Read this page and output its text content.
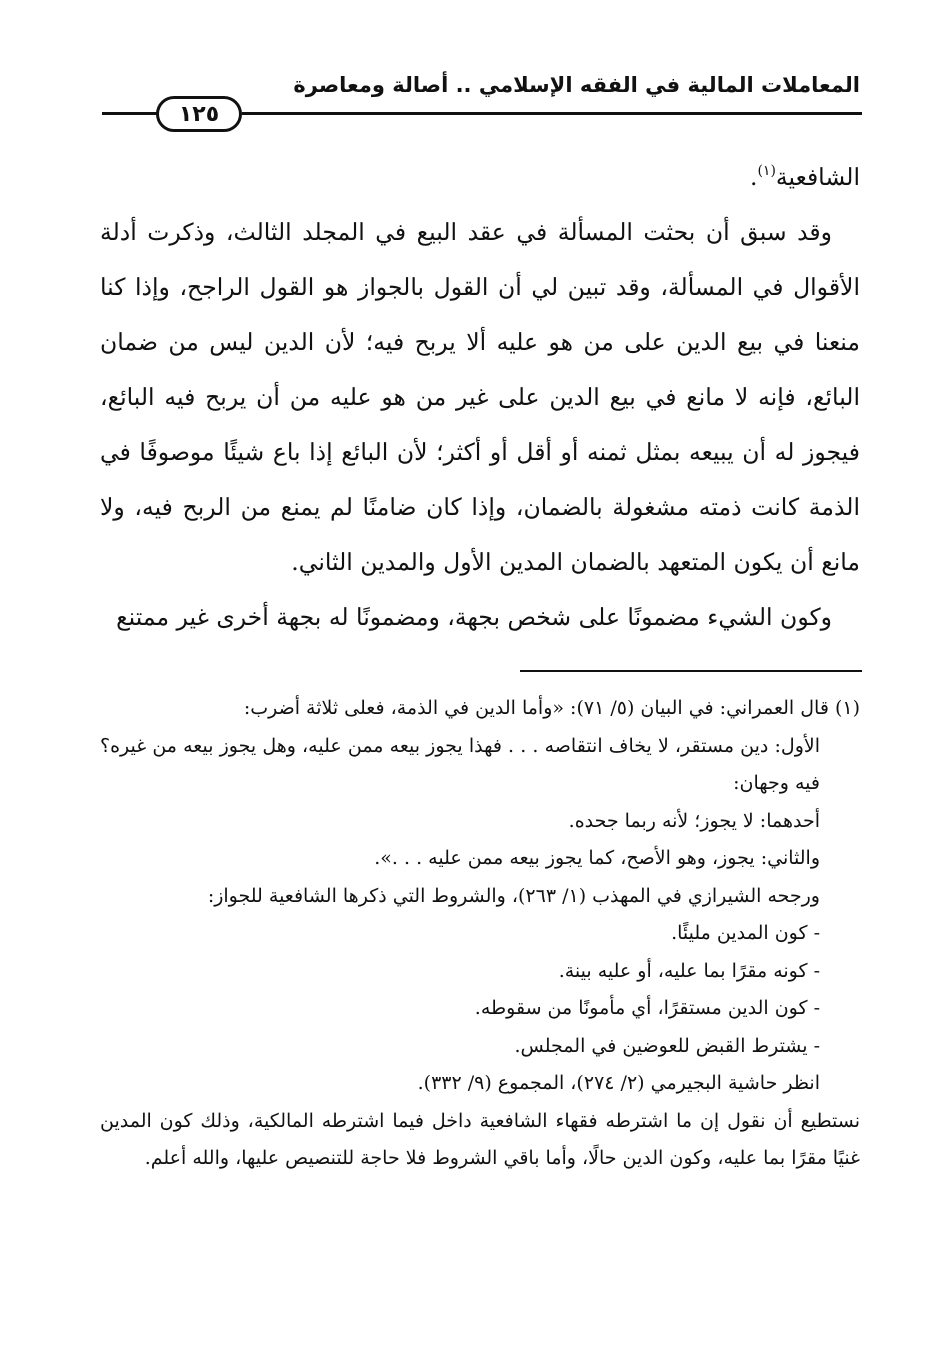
المعاملات المالية في الفقه الإسلامي .. أصالة ومعاصرة
١٢٥

الشافعية$^{(١)}$.

وقد سبق أن بحثت المسألة في عقد البيع في المجلد الثالث، وذكرت أدلة الأقوال في المسألة، وقد تبين لي أن القول بالجواز هو القول الراجح، وإذا كنا منعنا في بيع الدين على من هو عليه ألا يربح فيه؛ لأن الدين ليس من ضمان البائع، فإنه لا مانع في بيع الدين على غير من هو عليه من أن يربح فيه البائع، فيجوز له أن يبيعه بمثل ثمنه أو أقل أو أكثر؛ لأن البائع إذا باع شيئًا موصوفًا في الذمة كانت ذمته مشغولة بالضمان، وإذا كان ضامنًا لم يمنع من الربح فيه، ولا مانع أن يكون المتعهد بالضمان المدين الأول والمدين الثاني.

وكون الشيء مضمونًا على شخص بجهة، ومضمونًا له بجهة أخرى غير ممتنع

(١) قال العمراني: في البيان (٥/ ٧١): «وأما الدين في الذمة، فعلى ثلاثة أضرب:

الأول: دين مستقر، لا يخاف انتقاصه . . . فهذا يجوز بيعه ممن عليه، وهل يجوز بيعه من غيره؟ فيه وجهان:

أحدهما: لا يجوز؛ لأنه ربما جحده.

والثاني: يجوز، وهو الأصح، كما يجوز بيعه ممن عليه . . .».

ورجحه الشيرازي في المهذب (١/ ٢٦٣)، والشروط التي ذكرها الشافعية للجواز:

- كون المدين مليئًا.

- كونه مقرًا بما عليه، أو عليه بينة.

- كون الدين مستقرًا، أي مأمونًا من سقوطه.

- يشترط القبض للعوضين في المجلس.

انظر حاشية البجيرمي (٢/ ٢٧٤)، المجموع (٩/ ٣٣٢).

نستطيع أن نقول إن ما اشترطه فقهاء الشافعية داخل فيما اشترطه المالكية، وذلك كون المدين غنيًا مقرًا بما عليه، وكون الدين حالًا، وأما باقي الشروط فلا حاجة للتنصيص عليها، والله أعلم.
